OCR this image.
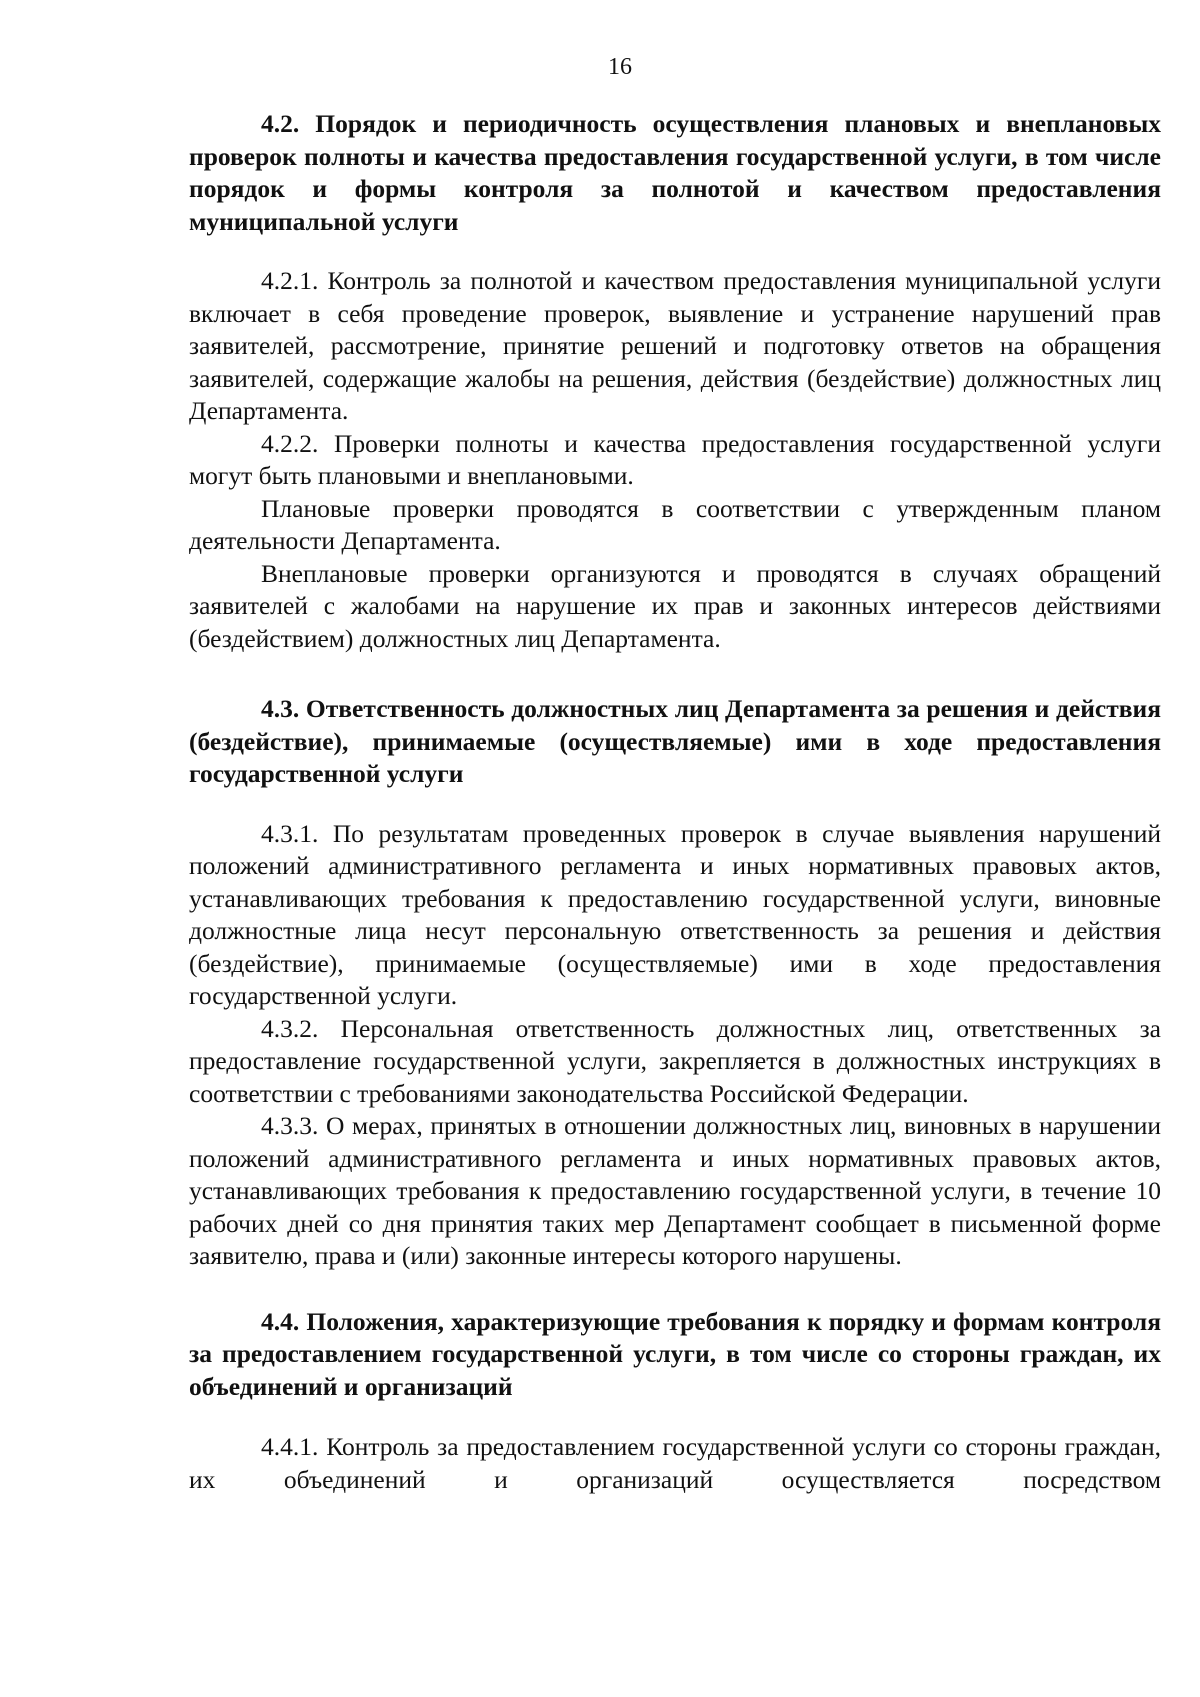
16

4.2. Порядок и периодичность осуществления плановых и внеплановых проверок полноты и качества предоставления государственной услуги, в том числе порядок и формы контроля за полнотой и качеством предоставления муниципальной услуги

4.2.1. Контроль за полнотой и качеством предоставления муниципальной услуги включает в себя проведение проверок, выявление и устранение нарушений прав заявителей, рассмотрение, принятие решений и подготовку ответов на обращения заявителей, содержащие жалобы на решения, действия (бездействие) должностных лиц Департамента.

4.2.2. Проверки полноты и качества предоставления государственной услуги могут быть плановыми и внеплановыми.

Плановые проверки проводятся в соответствии с утвержденным планом деятельности Департамента.

Внеплановые проверки организуются и проводятся в случаях обращений заявителей с жалобами на нарушение их прав и законных интересов действиями (бездействием) должностных лиц Департамента.

4.3. Ответственность должностных лиц Департамента за решения и действия (бездействие), принимаемые (осуществляемые) ими в ходе предоставления государственной услуги

4.3.1. По результатам проведенных проверок в случае выявления нарушений положений административного регламента и иных нормативных правовых актов, устанавливающих требования к предоставлению государственной услуги, виновные должностные лица несут персональную ответственность за решения и действия (бездействие), принимаемые (осуществляемые) ими в ходе предоставления государственной услуги.

4.3.2. Персональная ответственность должностных лиц, ответственных за предоставление государственной услуги, закрепляется в должностных инструкциях в соответствии с требованиями законодательства Российской Федерации.

4.3.3. О мерах, принятых в отношении должностных лиц, виновных в нарушении положений административного регламента и иных нормативных правовых актов, устанавливающих требования к предоставлению государственной услуги, в течение 10 рабочих дней со дня принятия таких мер Департамент сообщает в письменной форме заявителю, права и (или) законные интересы которого нарушены.

4.4. Положения, характеризующие требования к порядку и формам контроля за предоставлением государственной услуги, в том числе со стороны граждан, их объединений и организаций

4.4.1. Контроль за предоставлением государственной услуги со стороны граждан, их объединений и организаций осуществляется посредством
